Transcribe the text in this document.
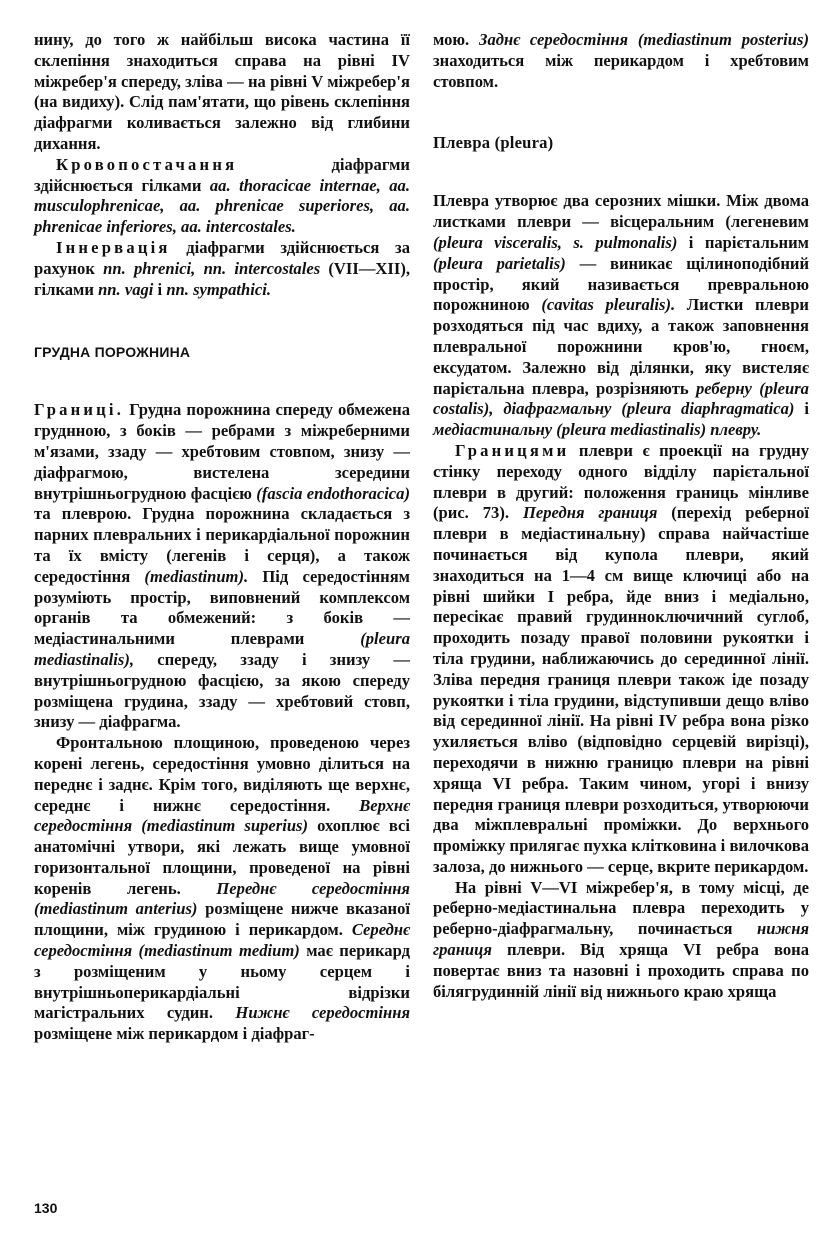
нину, до того ж найбільш висока частина її склепіння знаходиться справа на рівні IV міжребер'я спереду, зліва — на рівні V міжребер'я (на видиху). Слід пам'ятати, що рівень склепіння діафрагми коливається залежно від глибини дихання.

Кровопостачання діафрагми здійснюється гілками aa. thoracicae internae, aa. musculophrenicae, aa. phrenicae superiores, aa. phrenicae inferiores, aa. intercostales.

Іннервація діафрагми здійснюється за рахунок nn. phrenici, nn. intercostales (VII—XII), гілками nn. vagi і nn. sympathici.

ГРУДНА ПОРОЖНИНА

Границі. Грудна порожнина спереду обмежена груднною, з боків — ребрами з міжреберними м'язами, ззаду — хребтовим стовпом, знизу — діафрагмою, вистелена зсередини внутрішньогрудною фасцією (fascia endothoracica) та плеврою. Грудна порожнина складається з парних плевральних і перикардіальної порожнин та їх вмісту (легенів і серця), а також середостіння (mediastinum). Під середостінням розуміють простір, виповнений комплексом органів та обмежений: з боків — медіастинальними плеврами (pleura mediastinalis), спереду, ззаду і знизу — внутрішньогрудною фасцією, за якою спереду розміщена грудина, ззаду — хребтовий стовп, знизу — діафрагма.

Фронтальною площиною, проведеною через корені легень, середостіння умовно ділиться на переднє і заднє. Крім того, виділяють ще верхнє, середнє і нижнє середостіння. Верхнє середостіння (mediastinum superius) охоплює всі анатомічні утвори, які лежать вище умовної горизонтальної площини, проведеної на рівні коренів легень. Переднє середостіння (mediastinum anterius) розміщене нижче вказаної площини, між грудиною і перикардом. Середнє середостіння (mediastinum medium) має перикард з розміщеним у ньому серцем і внутрішньоперикардіальні відрізки магістральних судин. Нижнє середостіння розміщене між перикардом і діафраг-

мою. Заднє середостіння (mediastinum posterius) знаходиться між перикардом і хребтовим стовпом.

Плевра (pleura)

Плевра утворює два серозних мішки. Між двома листками плеври — вісцеральним (легеневим (pleura visceralis, s. pulmonalis) і парієтальним (pleura parietalis) — виникає щілиноподібний простір, який називається превральною порожниною (cavitas pleuralis). Листки плеври розходяться під час вдиху, а також заповнення плевральної порожнини кров'ю, гноєм, ексудатом. Залежно від ділянки, яку вистеляє парієтальна плевра, розрізняють реберну (pleura costalis), діафрагмальну (pleura diaphragmatica) і медіастинальну (pleura mediastinalis) плевру.

Границями плеври є проекції на грудну стінку переходу одного відділу парієтальної плеври в другий: положення границь мінливе (рис. 73). Передня границя (перехід реберної плеври в медіастинальну) справа найчастіше починається від купола плеври, який знаходиться на 1—4 см вище ключиці або на рівні шийки I ребра, йде вниз і медіально, пересікає правий грудинноключичний суглоб, проходить позаду правої половини рукоятки і тіла грудини, наближаючись до серединної лінії. Зліва передня границя плеври також іде позаду рукоятки і тіла грудини, відступивши дещо вліво від серединної лінії. На рівні IV ребра вона різко ухиляється вліво (відповідно серцевій вирізці), переходячи в нижню границю плеври на рівні хряща VI ребра. Таким чином, угорі і внизу передня границя плеври розходиться, утворюючи два міжплевральні проміжки. До верхнього проміжку прилягає пухка клітковина і вилочкова залоза, до нижнього — серце, вкрите перикардом.

На рівні V—VI міжребер'я, в тому місці, де реберно-медіастинальна плевра переходить у реберно-діафрагмальну, починається нижня границя плеври. Від хряща VI ребра вона повертає вниз та назовні і проходить справа по білягрудинній лінії від нижнього краю хряща

130
